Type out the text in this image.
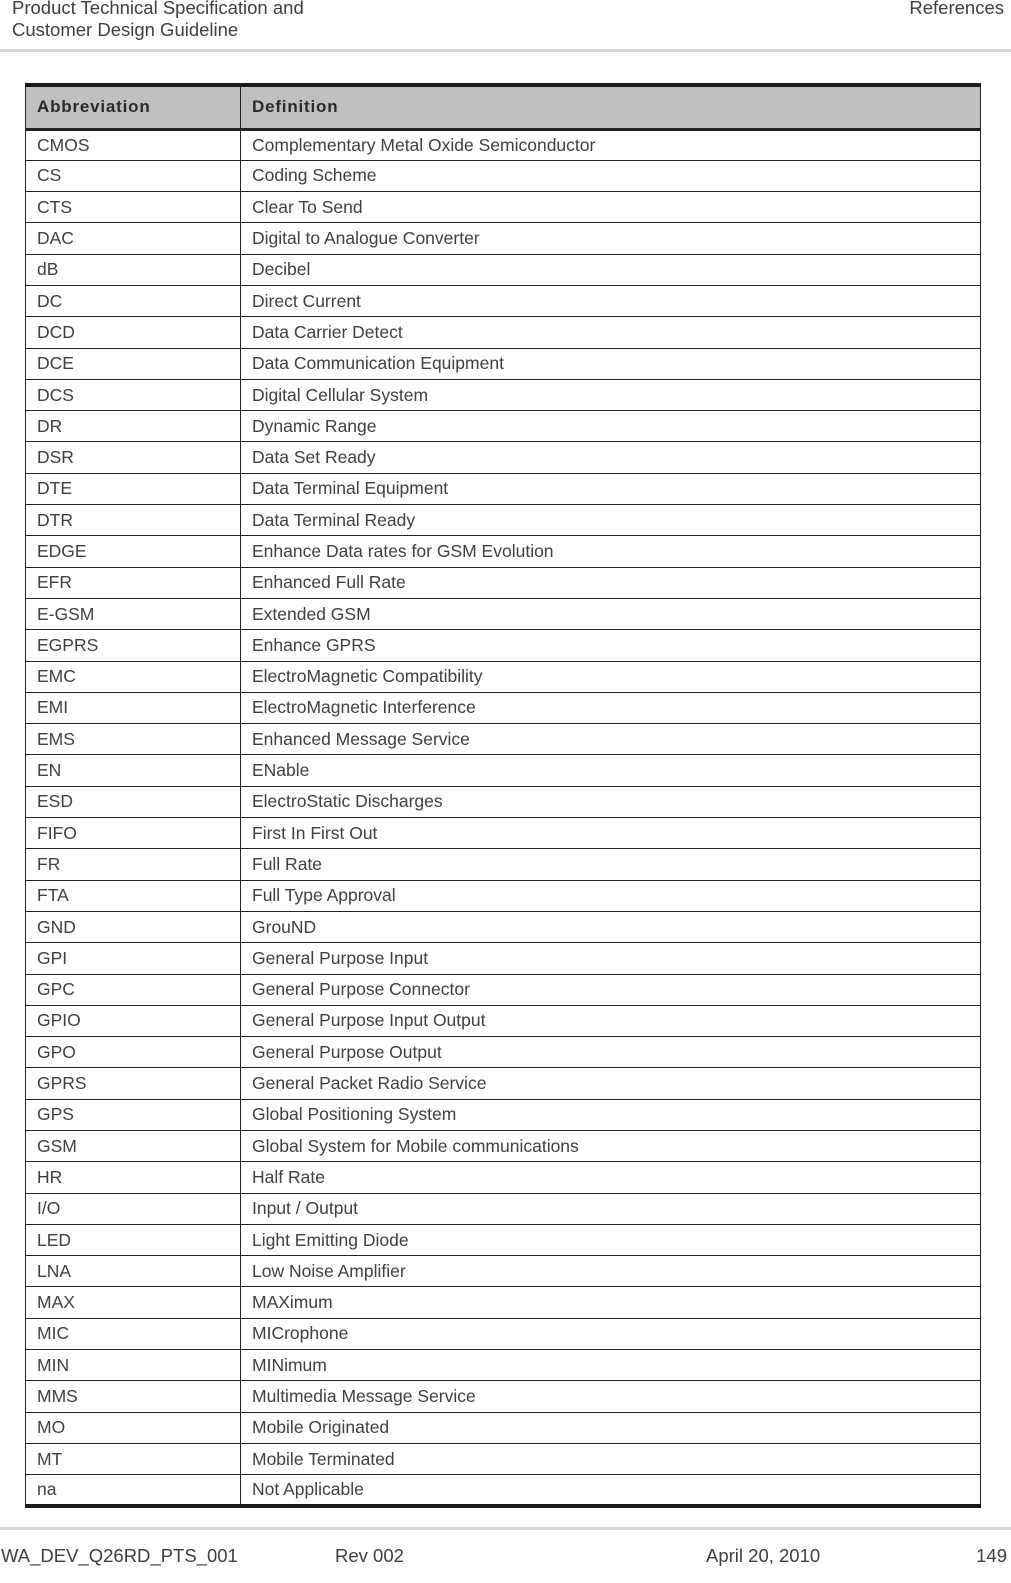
Product Technical Specification and
Customer Design Guideline
References
Abbreviation	Definition
CMOS	Complementary Metal Oxide Semiconductor
CS	Coding Scheme
CTS	Clear To Send
DAC	Digital to Analogue Converter
dB	Decibel
DC	Direct Current
DCD	Data Carrier Detect
DCE	Data Communication Equipment
DCS	Digital Cellular System
DR	Dynamic Range
DSR	Data Set Ready
DTE	Data Terminal Equipment
DTR	Data Terminal Ready
EDGE	Enhance Data rates for GSM Evolution
EFR	Enhanced Full Rate
E-GSM	Extended GSM
EGPRS	Enhance GPRS
EMC	ElectroMagnetic Compatibility
EMI	ElectroMagnetic Interference
EMS	Enhanced Message Service
EN	ENable
ESD	ElectroStatic Discharges
FIFO	First In First Out
FR	Full Rate
FTA	Full Type Approval
GND	GrouND
GPI	General Purpose Input
GPC	General Purpose Connector
GPIO	General Purpose Input Output
GPO	General Purpose Output
GPRS	General Packet Radio Service
GPS	Global Positioning System
GSM	Global System for Mobile communications
HR	Half Rate
I/O	Input / Output
LED	Light Emitting Diode
LNA	Low Noise Amplifier
MAX	MAXimum
MIC	MICrophone
MIN	MINimum
MMS	Multimedia Message Service
MO	Mobile Originated
MT	Mobile Terminated
na	Not Applicable
WA_DEV_Q26RD_PTS_001	Rev 002	April 20, 2010	149
